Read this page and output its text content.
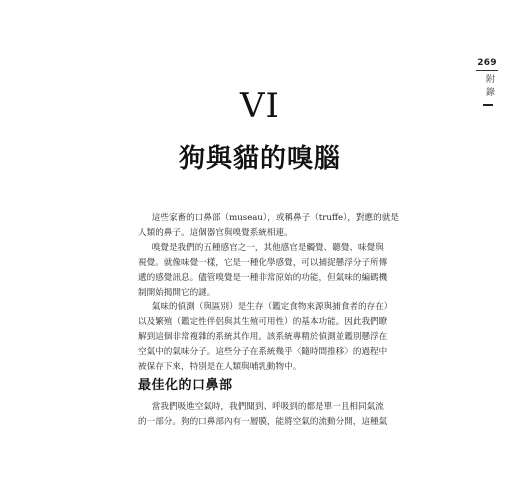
269
附錄
VI
狗與貓的嗅腦
這些家畜的口鼻部（museau），或稱鼻子（truffe），對應的就是
人類的鼻子。這個器官與嗅覺系統相連。
嗅覺是我們的五種感官之一，其他感官是觸覺、聽覺、味覺與
視覺。就像味覺一樣，它是一種化學感覺，可以捕捉懸浮分子所傳
遞的感覺訊息。儘管嗅覺是一種非常原始的功能，但氣味的編碼機
制開始揭開它的謎。
氣味的偵測（與區別）是生存（鑑定食物來源與捕食者的存在）
以及繁殖（鑑定性伴侶與其生殖可用性）的基本功能。因此我們瞭
解到這個非常複雜的系統其作用。該系統專精於偵測並鑑別懸浮在
空氣中的氣味分子。這些分子在系統幾乎〈隨時間推移〉的過程中
被保存下來，特別是在人類與哺乳動物中。
最佳化的口鼻部
當我們吸進空氣時，我們聞到、呼吸到的都是單一且相同氣流
的一部分。狗的口鼻部內有一層膜，能將空氣的流動分開，這種氣
